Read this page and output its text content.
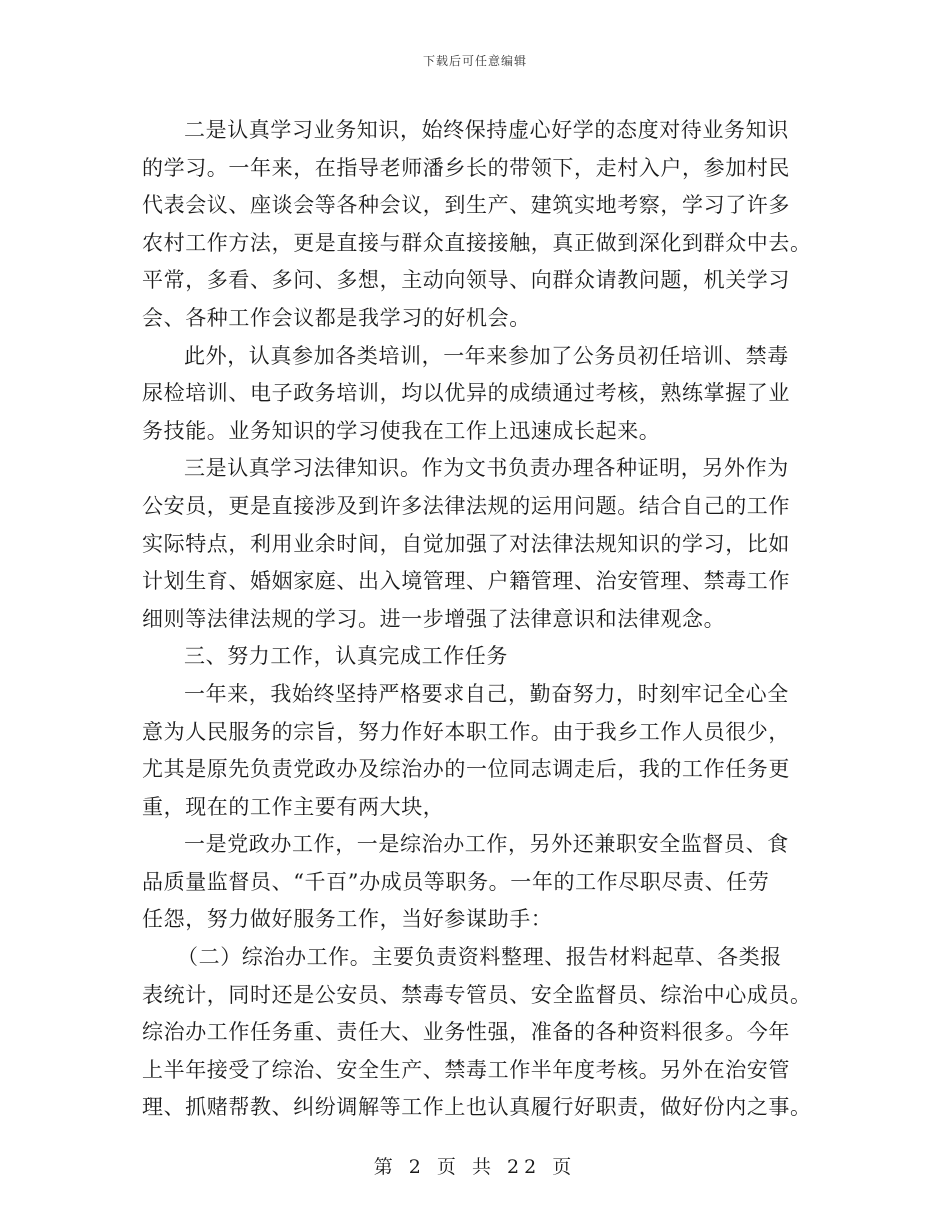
下载后可任意编辑
二是认真学习业务知识，始终保持虚心好学的态度对待业务知识
的学习。一年来，在指导老师潘乡长的带领下，走村入户，参加村民
代表会议、座谈会等各种会议，到生产、建筑实地考察，学习了许多
农村工作方法，更是直接与群众直接接触，真正做到深化到群众中去。
平常，多看、多问、多想，主动向领导、向群众请教问题，机关学习
会、各种工作会议都是我学习的好机会。
此外，认真参加各类培训，一年来参加了公务员初任培训、禁毒
尿检培训、电子政务培训，均以优异的成绩通过考核，熟练掌握了业
务技能。业务知识的学习使我在工作上迅速成长起来。
三是认真学习法律知识。作为文书负责办理各种证明，另外作为
公安员，更是直接涉及到许多法律法规的运用问题。结合自己的工作
实际特点，利用业余时间，自觉加强了对法律法规知识的学习，比如
计划生育、婚姻家庭、出入境管理、户籍管理、治安管理、禁毒工作
细则等法律法规的学习。进一步增强了法律意识和法律观念。
三、努力工作，认真完成工作任务
一年来，我始终坚持严格要求自己，勤奋努力，时刻牢记全心全
意为人民服务的宗旨，努力作好本职工作。由于我乡工作人员很少，
尤其是原先负责党政办及综治办的一位同志调走后，我的工作任务更
重，现在的工作主要有两大块，
一是党政办工作，一是综治办工作，另外还兼职安全监督员、食
品质量监督员、“千百”办成员等职务。一年的工作尽职尽责、任劳
任怨，努力做好服务工作，当好参谋助手：
（二）综治办工作。主要负责资料整理、报告材料起草、各类报
表统计，同时还是公安员、禁毒专管员、安全监督员、综治中心成员。
综治办工作任务重、责任大、业务性强，准备的各种资料很多。今年
上半年接受了综治、安全生产、禁毒工作半年度考核。另外在治安管
理、抓赌帮教、纠纷调解等工作上也认真履行好职责，做好份内之事。
第 2 页 共 22 页
